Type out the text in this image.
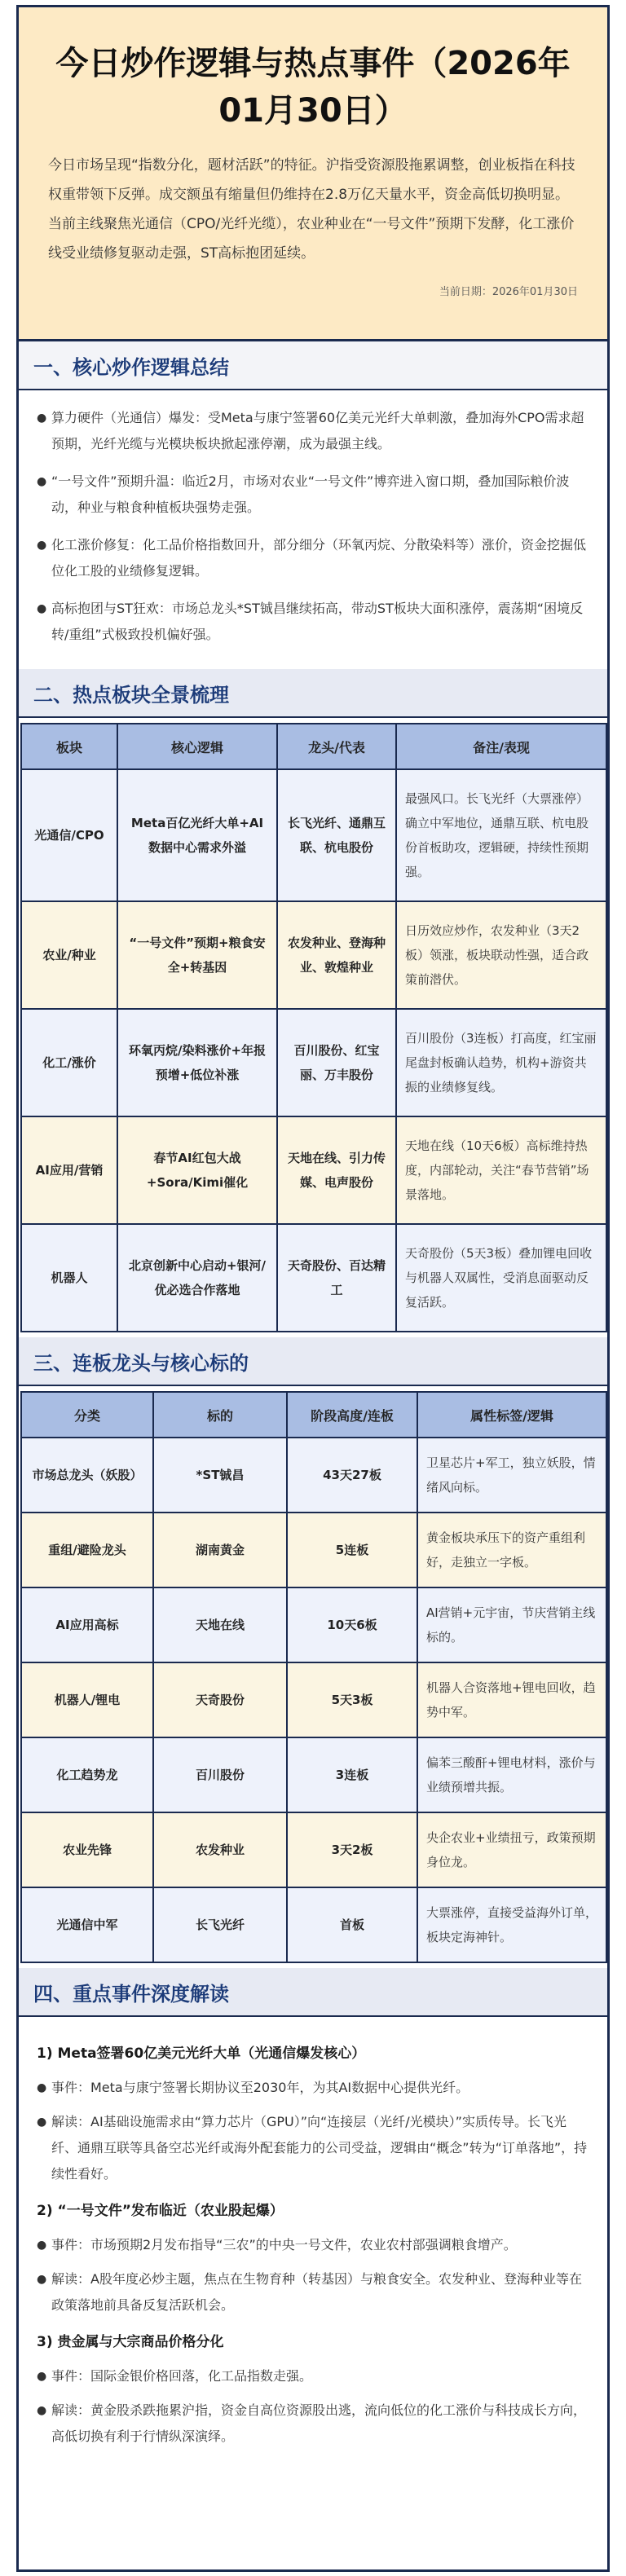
今日炒作逻辑与热点事件（2026年01月30日）
今日市场呈现“指数分化，题材活跃”的特征。沪指受资源股拖累调整，创业板指在科技权重带领下反弹。成交额虽有缩量但仍维持在2.8万亿天量水平，资金高低切换明显。当前主线聚焦光通信（CPO/光纤光缆），农业种业在“一号文件”预期下发酵，化工涨价线受业绩修复驱动走强，ST高标抱团延续。
当前日期：2026年01月30日
一、核心炒作逻辑总结
● 算力硬件（光通信）爆发：受Meta与康宁签署60亿美元光纤大单刺激，叠加海外CPO需求超预期，光纤光缆与光模块板块掀起涨停潮，成为最强主线。
● “一号文件”预期升温：临近2月，市场对农业“一号文件”博弈进入窗口期，叠加国际粮价波动，种业与粮食种植板块强势走强。
● 化工涨价修复：化工品价格指数回升，部分细分（环氧丙烷、分散染料等）涨价，资金挖掘低位化工股的业绩修复逻辑。
● 高标抱团与ST狂欢：市场总龙头*ST铖昌继续拓高，带动ST板块大面积涨停，震荡期“困境反转/重组”式极致投机偏好强。
二、热点板块全景梳理
板块	核心逻辑	龙头/代表	备注/表现
光通信/CPO	Meta百亿光纤大单+AI数据中心需求外溢	长飞光纤、通鼎互联、杭电股份	最强风口。长飞光纤（大票涨停）确立中军地位，通鼎互联、杭电股份首板助攻，逻辑硬，持续性预期强。
农业/种业	“一号文件”预期+粮食安全+转基因	农发种业、登海种业、敦煌种业	日历效应炒作，农发种业（3天2板）领涨，板块联动性强，适合政策前潜伏。
化工/涨价	环氧丙烷/染料涨价+年报预增+低位补涨	百川股份、红宝丽、万丰股份	百川股份（3连板）打高度，红宝丽尾盘封板确认趋势，机构+游资共振的业绩修复线。
AI应用/营销	春节AI红包大战+Sora/Kimi催化	天地在线、引力传媒、电声股份	天地在线（10天6板）高标维持热度，内部轮动，关注“春节营销”场景落地。
机器人	北京创新中心启动+银河/优必选合作落地	天奇股份、百达精工	天奇股份（5天3板）叠加锂电回收与机器人双属性，受消息面驱动反复活跃。
三、连板龙头与核心标的
分类	标的	阶段高度/连板	属性标签/逻辑
市场总龙头（妖股）	*ST铖昌	43天27板	卫星芯片+军工，独立妖股，情绪风向标。
重组/避险龙头	湖南黄金	5连板	黄金板块承压下的资产重组利好，走独立一字板。
AI应用高标	天地在线	10天6板	AI营销+元宇宙，节庆营销主线标的。
机器人/锂电	天奇股份	5天3板	机器人合资落地+锂电回收，趋势中军。
化工趋势龙	百川股份	3连板	偏苯三酸酐+锂电材料，涨价与业绩预增共振。
农业先锋	农发种业	3天2板	央企农业+业绩扭亏，政策预期身位龙。
光通信中军	长飞光纤	首板	大票涨停，直接受益海外订单，板块定海神针。
四、重点事件深度解读
1) Meta签署60亿美元光纤大单（光通信爆发核心）
● 事件：Meta与康宁签署长期协议至2030年，为其AI数据中心提供光纤。
● 解读：AI基础设施需求由“算力芯片（GPU）”向“连接层（光纤/光模块）”实质传导。长飞光纤、通鼎互联等具备空芯光纤或海外配套能力的公司受益，逻辑由“概念”转为“订单落地”，持续性看好。
2) “一号文件”发布临近（农业股起爆）
● 事件：市场预期2月发布指导“三农”的中央一号文件，农业农村部强调粮食增产。
● 解读：A股年度必炒主题，焦点在生物育种（转基因）与粮食安全。农发种业、登海种业等在政策落地前具备反复活跃机会。
3) 贵金属与大宗商品价格分化
● 事件：国际金银价格回落，化工品指数走强。
● 解读：黄金股杀跌拖累沪指，资金自高位资源股出逃，流向低位的化工涨价与科技成长方向，高低切换有利于行情纵深演绎。
